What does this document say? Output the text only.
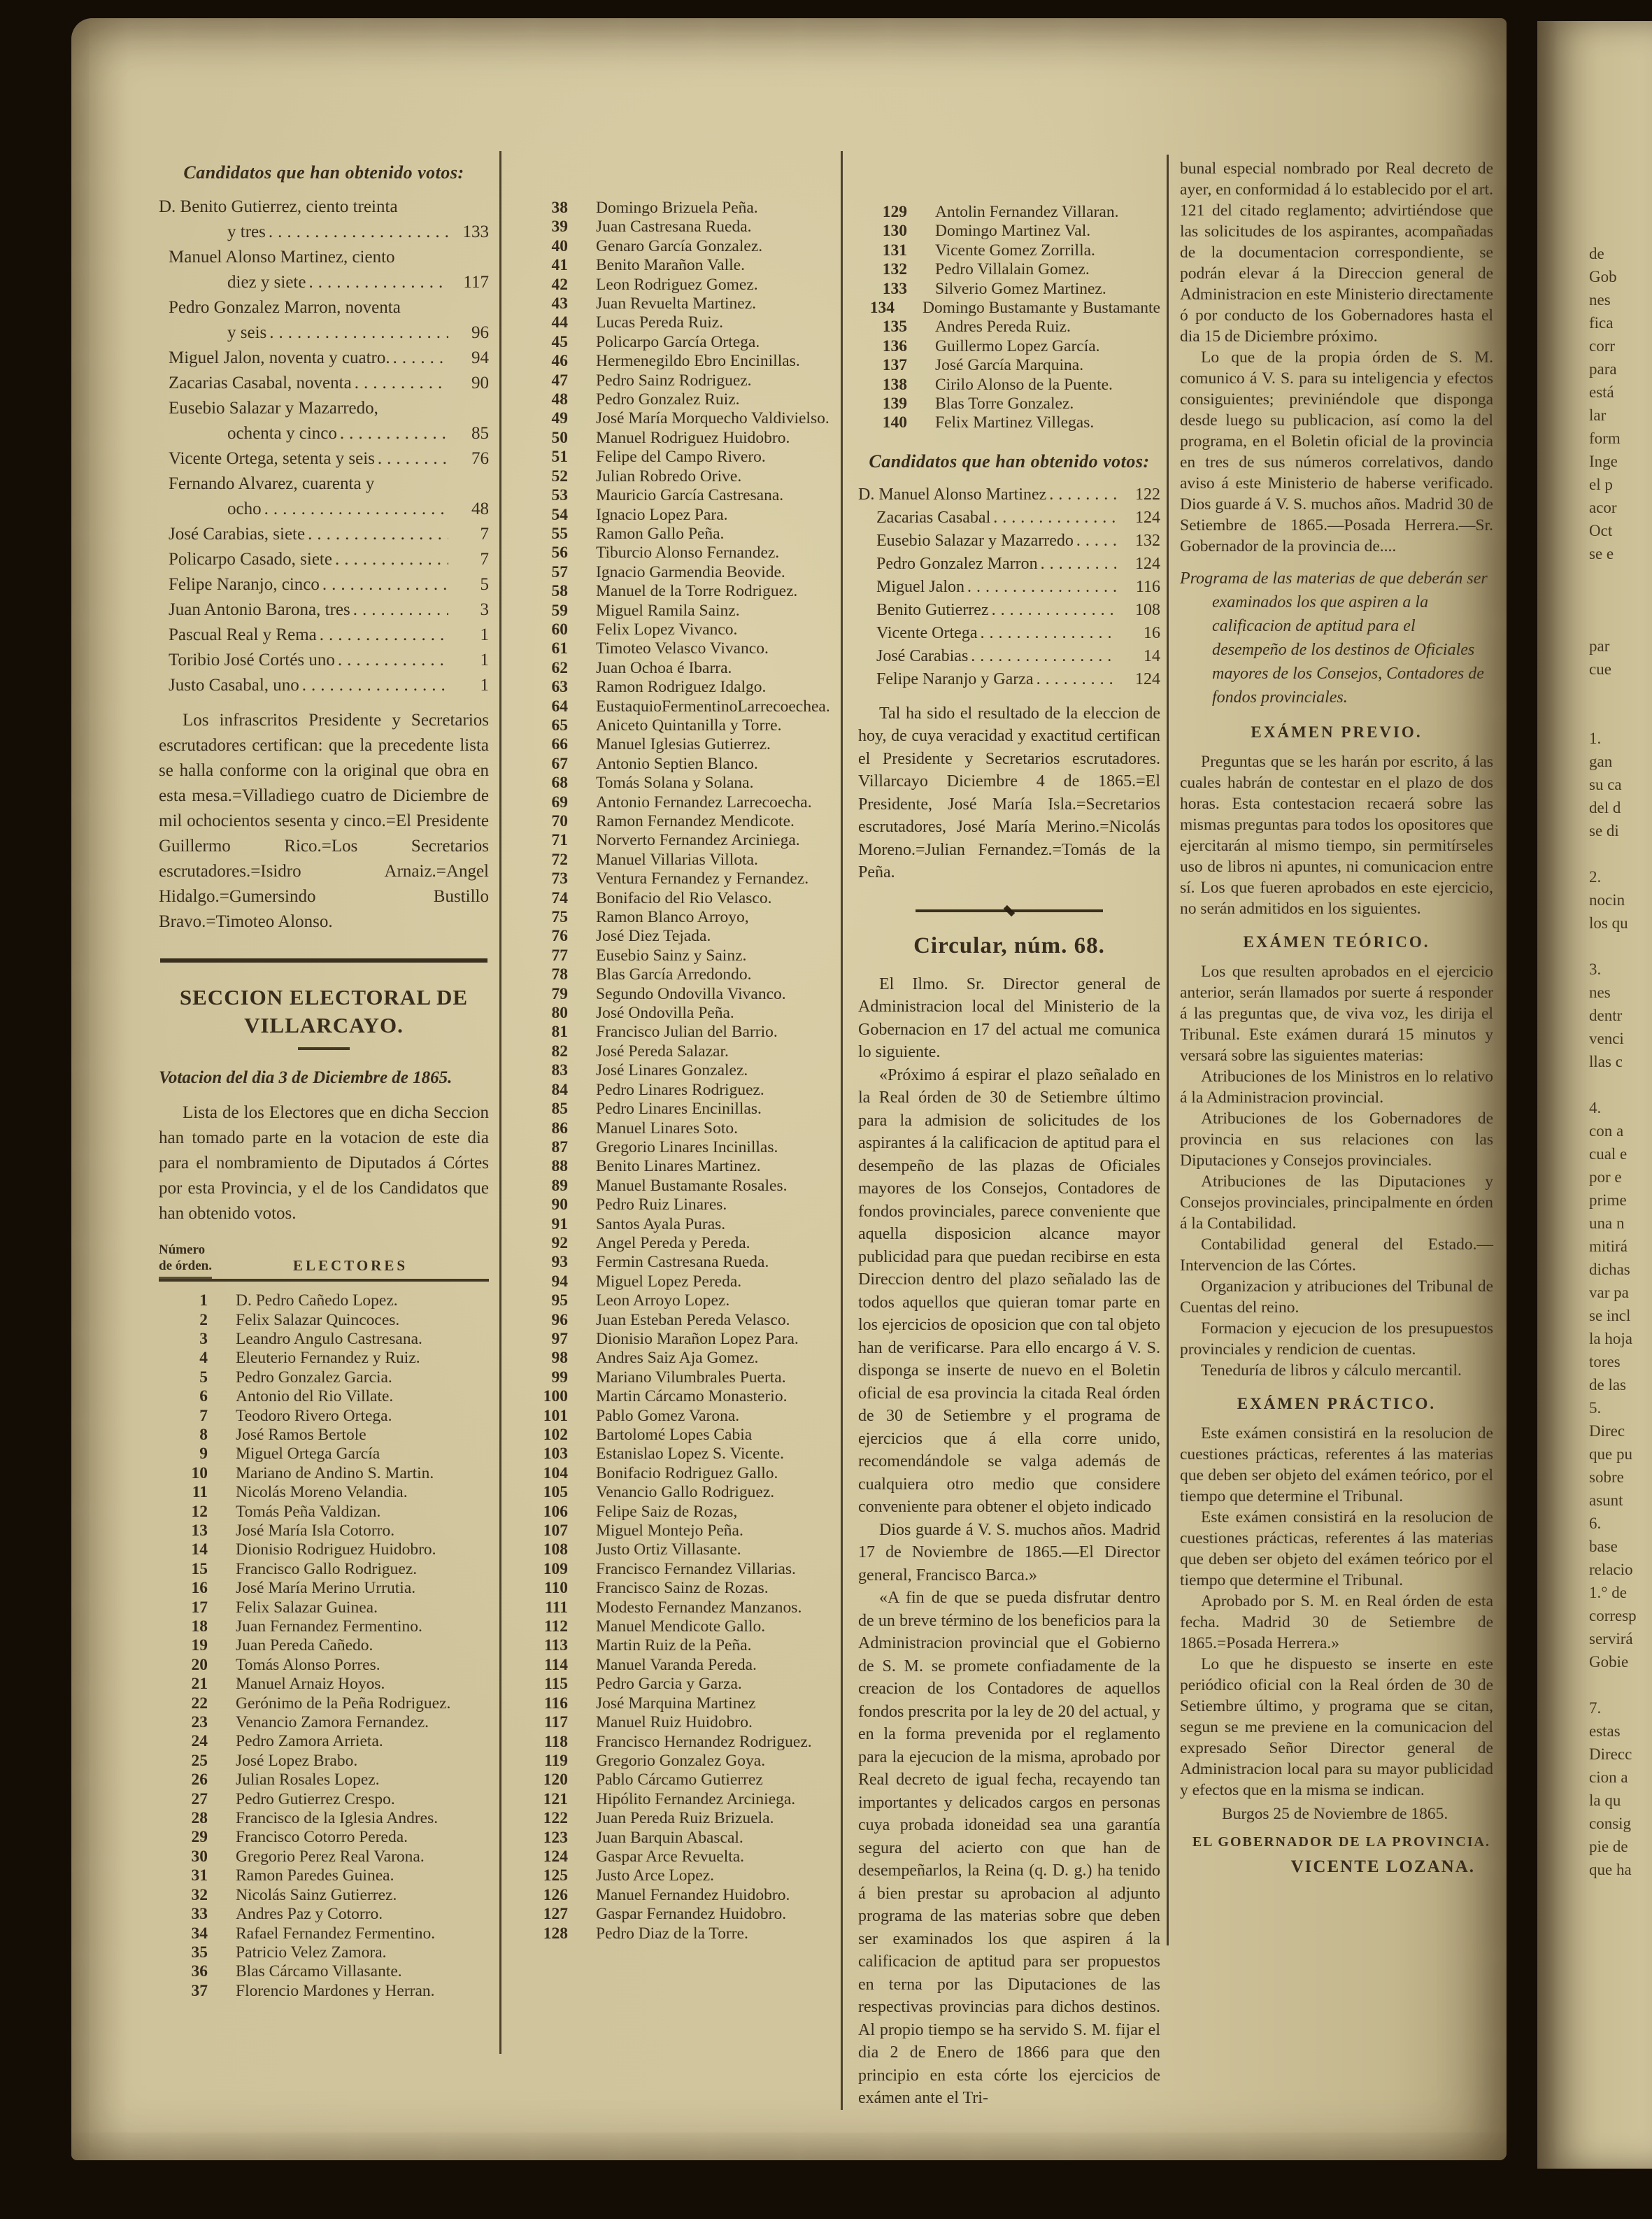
Candidatos que han obtenido votos:
D. Benito Gutierrez, ciento treinta
y tres .....	133
Manuel Alonso Martinez, ciento
diez y siete .....	117
Pedro Gonzalez Marron, noventa
y seis .....	96
Miguel Jalon, noventa y cuatro. .....	94
Zacarias Casabal, noventa .....	90
Eusebio Salazar y Mazarredo,
ochenta y cinco .....	85
Vicente Ortega, setenta y seis .....	76
Fernando Alvarez, cuarenta y
ocho .....	48
José Carabias, siete .....	7
Policarpo Casado, siete .....	7
Felipe Naranjo, cinco .....	5
Juan Antonio Barona, tres .....	3
Pascual Real y Rema .....	1
Toribio José Cortés uno .....	1
Justo Casabal, uno .....	1

Los infrascritos Presidente y Secretarios escrutadores certifican: que la precedente lista se halla conforme con la original que obra en esta mesa.=Villadiego cuatro de Diciembre de mil ochocientos sesenta y cinco.=El Presidente Guillermo Rico.=Los Secretarios escrutadores.=Isidro Arnaiz.=Angel Hidalgo.=Gumersindo Bustillo Bravo.=Timoteo Alonso.

SECCION ELECTORAL DE
VILLARCAYO.
Votacion del dia 3 de Diciembre de 1865.

Lista de los Electores que en dicha Seccion han tomado parte en la votacion de este dia para el nombramiento de Diputados á Córtes por esta Provincia, y el de los Candidatos que han obtenido votos.

Número
de órden.	ELECTORES
1 D. Pedro Cañedo Lopez.
2 Felix Salazar Quincoces.
3 Leandro Angulo Castresana.
4 Eleuterio Fernandez y Ruiz.
5 Pedro Gonzalez Garcia.
6 Antonio del Rio Villate.
7 Teodoro Rivero Ortega.
8 José Ramos Bertole
9 Miguel Ortega García
10 Mariano de Andino S. Martin.
11 Nicolás Moreno Velandia.
12 Tomás Peña Valdizan.
13 José María Isla Cotorro.
14 Dionisio Rodriguez Huidobro.
15 Francisco Gallo Rodriguez.
16 José María Merino Urrutia.
17 Felix Salazar Guinea.
18 Juan Fernandez Fermentino.
19 Juan Pereda Cañedo.
20 Tomás Alonso Porres.
21 Manuel Arnaiz Hoyos.
22 Gerónimo de la Peña Rodriguez.
23 Venancio Zamora Fernandez.
24 Pedro Zamora Arrieta.
25 José Lopez Brabo.
26 Julian Rosales Lopez.
27 Pedro Gutierrez Crespo.
28 Francisco de la Iglesia Andres.
29 Francisco Cotorro Pereda.
30 Gregorio Perez Real Varona.
31 Ramon Paredes Guinea.
32 Nicolás Sainz Gutierrez.
33 Andres Paz y Cotorro.
34 Rafael Fernandez Fermentino.
35 Patricio Velez Zamora.
36 Blas Cárcamo Villasante.
37 Florencio Mardones y Herran.
38 Domingo Brizuela Peña.
39 Juan Castresana Rueda.
40 Genaro García Gonzalez.
41 Benito Marañon Valle.
42 Leon Rodriguez Gomez.
43 Juan Revuelta Martinez.
44 Lucas Pereda Ruiz.
45 Policarpo García Ortega.
46 Hermenegildo Ebro Encinillas.
47 Pedro Sainz Rodriguez.
48 Pedro Gonzalez Ruiz.
49 José María Morquecho Valdivielso.
50 Manuel Rodriguez Huidobro.
51 Felipe del Campo Rivero.
52 Julian Robredo Orive.
53 Mauricio García Castresana.
54 Ignacio Lopez Para.
55 Ramon Gallo Peña.
56 Tiburcio Alonso Fernandez.
57 Ignacio Garmendia Beovide.
58 Manuel de la Torre Rodriguez.
59 Miguel Ramila Sainz.
60 Felix Lopez Vivanco.
61 Timoteo Velasco Vivanco.
62 Juan Ochoa é Ibarra.
63 Ramon Rodriguez Idalgo.
64 EustaquioFermentinoLarrecoechea.
65 Aniceto Quintanilla y Torre.
66 Manuel Iglesias Gutierrez.
67 Antonio Septien Blanco.
68 Tomás Solana y Solana.
69 Antonio Fernandez Larrecoecha.
70 Ramon Fernandez Mendicote.
71 Norverto Fernandez Arciniega.
72 Manuel Villarias Villota.
73 Ventura Fernandez y Fernandez.
74 Bonifacio del Rio Velasco.
75 Ramon Blanco Arroyo,
76 José Diez Tejada.
77 Eusebio Sainz y Sainz.
78 Blas García Arredondo.
79 Segundo Ondovilla Vivanco.
80 José Ondovilla Peña.
81 Francisco Julian del Barrio.
82 José Pereda Salazar.
83 José Linares Gonzalez.
84 Pedro Linares Rodriguez.
85 Pedro Linares Encinillas.
86 Manuel Linares Soto.
87 Gregorio Linares Incinillas.
88 Benito Linares Martinez.
89 Manuel Bustamante Rosales.
90 Pedro Ruiz Linares.
91 Santos Ayala Puras.
92 Angel Pereda y Pereda.
93 Fermin Castresana Rueda.
94 Miguel Lopez Pereda.
95 Leon Arroyo Lopez.
96 Juan Esteban Pereda Velasco.
97 Dionisio Marañon Lopez Para.
98 Andres Saiz Aja Gomez.
99 Mariano Vilumbrales Puerta.
100 Martin Cárcamo Monasterio.
101 Pablo Gomez Varona.
102 Bartolomé Lopes Cabia
103 Estanislao Lopez S. Vicente.
104 Bonifacio Rodriguez Gallo.
105 Venancio Gallo Rodriguez.
106 Felipe Saiz de Rozas,
107 Miguel Montejo Peña.
108 Justo Ortiz Villasante.
109 Francisco Fernandez Villarias.
110 Francisco Sainz de Rozas.
111 Modesto Fernandez Manzanos.
112 Manuel Mendicote Gallo.
113 Martin Ruiz de la Peña.
114 Manuel Varanda Pereda.
115 Pedro Garcia y Garza.
116 José Marquina Martinez
117 Manuel Ruiz Huidobro.
118 Francisco Hernandez Rodriguez.
119 Gregorio Gonzalez Goya.
120 Pablo Cárcamo Gutierrez
121 Hipólito Fernandez Arciniega.
122 Juan Pereda Ruiz Brizuela.
123 Juan Barquin Abascal.
124 Gaspar Arce Revuelta.
125 Justo Arce Lopez.
126 Manuel Fernandez Huidobro.
127 Gaspar Fernandez Huidobro.
128 Pedro Diaz de la Torre.
129 Antolin Fernandez Villaran.
130 Domingo Martinez Val.
131 Vicente Gomez Zorrilla.
132 Pedro Villalain Gomez.
133 Silverio Gomez Martinez.
134 Domingo Bustamante y Bustamante
135 Andres Pereda Ruiz.
136 Guillermo Lopez García.
137 José García Marquina.
138 Cirilo Alonso de la Puente.
139 Blas Torre Gonzalez.
140 Felix Martinez Villegas.
Candidatos que han obtenido votos:
D. Manuel Alonso Martinez .....	122
Zacarias Casabal .....	124
Eusebio Salazar y Mazarredo .....	132
Pedro Gonzalez Marron .....	124
Miguel Jalon .....	116
Benito Gutierrez .....	108
Vicente Ortega .....	16
José Carabias .....	14
Felipe Naranjo y Garza .....	124

Tal ha sido el resultado de la eleccion de hoy, de cuya veracidad y exactitud certifican el Presidente y Secretarios escrutadores. Villarcayo Diciembre 4 de 1865.=El Presidente, José María Isla.=Secretarios escrutadores, José María Merino.=Nicolás Moreno.=Julian Fernandez.=Tomás de la Peña.

Circular, núm. 68.

El Ilmo. Sr. Director general de Administracion local del Ministerio de la Gobernacion en 17 del actual me comunica lo siguiente.

«Próximo á espirar el plazo señalado en la Real órden de 30 de Setiembre último para la admision de solicitudes de los aspirantes á la calificacion de aptitud para el desempeño de las plazas de Oficiales mayores de los Consejos, Contadores de fondos provinciales, parece conveniente que aquella disposicion alcance mayor publicidad para que puedan recibirse en esta Direccion dentro del plazo señalado las de todos aquellos que quieran tomar parte en los ejercicios de oposicion que con tal objeto han de verificarse. Para ello encargo á V. S. disponga se inserte de nuevo en el Boletin oficial de esa provincia la citada Real órden de 30 de Setiembre y el programa de ejercicios que á ella corre unido, recomendándole se valga además de cualquiera otro medio que considere conveniente para obtener el objeto indicado

Dios guarde á V. S. muchos años. Madrid 17 de Noviembre de 1865.—El Director general, Francisco Barca.»

«A fin de que se pueda disfrutar dentro de un breve término de los beneficios para la Administracion provincial que el Gobierno de S. M. se promete confiadamente de la creacion de los Contadores de aquellos fondos prescrita por la ley de 20 del actual, y en la forma prevenida por el reglamento para la ejecucion de la misma, aprobado por Real decreto de igual fecha, recayendo tan importantes y delicados cargos en personas cuya probada idoneidad sea una garantía segura del acierto con que han de desempeñarlos, la Reina (q. D. g.) ha tenido á bien prestar su aprobacion al adjunto programa de las materias sobre que deben ser examinados los que aspiren á la calificacion de aptitud para ser propuestos en terna por las Diputaciones de las respectivas provincias para dichos destinos. Al propio tiempo se ha servido S. M. fijar el dia 2 de Enero de 1866 para que den principio en esta córte los ejercicios de exámen ante el Tri-

bunal especial nombrado por Real decreto de ayer, en conformidad á lo establecido por el art. 121 del citado reglamento; advirtiéndose que las solicitudes de los aspirantes, acompañadas de la documentacion correspondiente, se podrán elevar á la Direccion general de Administracion en este Ministerio directamente ó por conducto de los Gobernadores hasta el dia 15 de Diciembre próximo.

Lo que de la propia órden de S. M. comunico á V. S. para su inteligencia y efectos consiguientes; previniéndole que disponga desde luego su publicacion, así como la del programa, en el Boletin oficial de la provincia en tres de sus números correlativos, dando aviso á este Ministerio de haberse verificado. Dios guarde á V. S. muchos años. Madrid 30 de Setiembre de 1865.—Posada Herrera.—Sr. Gobernador de la provincia de....

Programa de las materias de que deberán ser examinados los que aspiren a la calificacion de aptitud para el desempeño de los destinos de Oficiales mayores de los Consejos, Contadores de fondos provinciales.

EXÁMEN PREVIO.

Preguntas que se les harán por escrito, á las cuales habrán de contestar en el plazo de dos horas. Esta contestacion recaerá sobre las mismas preguntas para todos los opositores que ejercitarán al mismo tiempo, sin permitírseles uso de libros ni apuntes, ni comunicacion entre sí. Los que fueren aprobados en este ejercicio, no serán admitidos en los siguientes.

EXÁMEN TEÓRICO.

Los que resulten aprobados en el ejercicio anterior, serán llamados por suerte á responder á las preguntas que, de viva voz, les dirija el Tribunal. Este exámen durará 15 minutos y versará sobre las siguientes materias:

Atribuciones de los Ministros en lo relativo á la Administracion provincial.

Atribuciones de los Gobernadores de provincia en sus relaciones con las Diputaciones y Consejos provinciales.

Atribuciones de las Diputaciones y Consejos provinciales, principalmente en órden á la Contabilidad.

Contabilidad general del Estado.—Intervencion de las Córtes.

Organizacion y atribuciones del Tribunal de Cuentas del reino.

Formacion y ejecucion de los presupuestos provinciales y rendicion de cuentas.

Teneduría de libros y cálculo mercantil.

EXÁMEN PRÁCTICO.

Este exámen consistirá en la resolucion de cuestiones prácticas, referentes á las materias que deben ser objeto del exámen teórico, por el tiempo que determine el Tribunal.

Este exámen consistirá en la resolucion de cuestiones prácticas, referentes á las materias que deben ser objeto del exámen teórico por el tiempo que determine el Tribunal.

Aprobado por S. M. en Real órden de esta fecha. Madrid 30 de Setiembre de 1865.=Posada Herrera.»

Lo que he dispuesto se inserte en este periódico oficial con la Real órden de 30 de Setiembre último, y programa que se citan, segun se me previene en la comunicacion del expresado Señor Director general de Administracion local para su mayor publicidad y efectos que en la misma se indican.

Burgos 25 de Noviembre de 1865.

EL GOBERNADOR DE LA PROVINCIA.

VICENTE LOZANA.

de
Gob
nes
fica
corr
para
está
lar
form
Inge
el p
acor
Oct
se e
par
cue
1.
gan
su ca
del d
se di
2.
nocin
los qu
3.
nes
dentr
venci
llas c
4.
con a
cual e
por e
prime
una n
mitirá
dichas
var pa
se incl
la hoja
tores
de las
5.
Direc
que pu
sobre
asunt
6.
base
relacio
1.° de
corresp
servirá
Gobie
7.
estas
Direcc
cion a
la qu
consig
pie de
que ha
